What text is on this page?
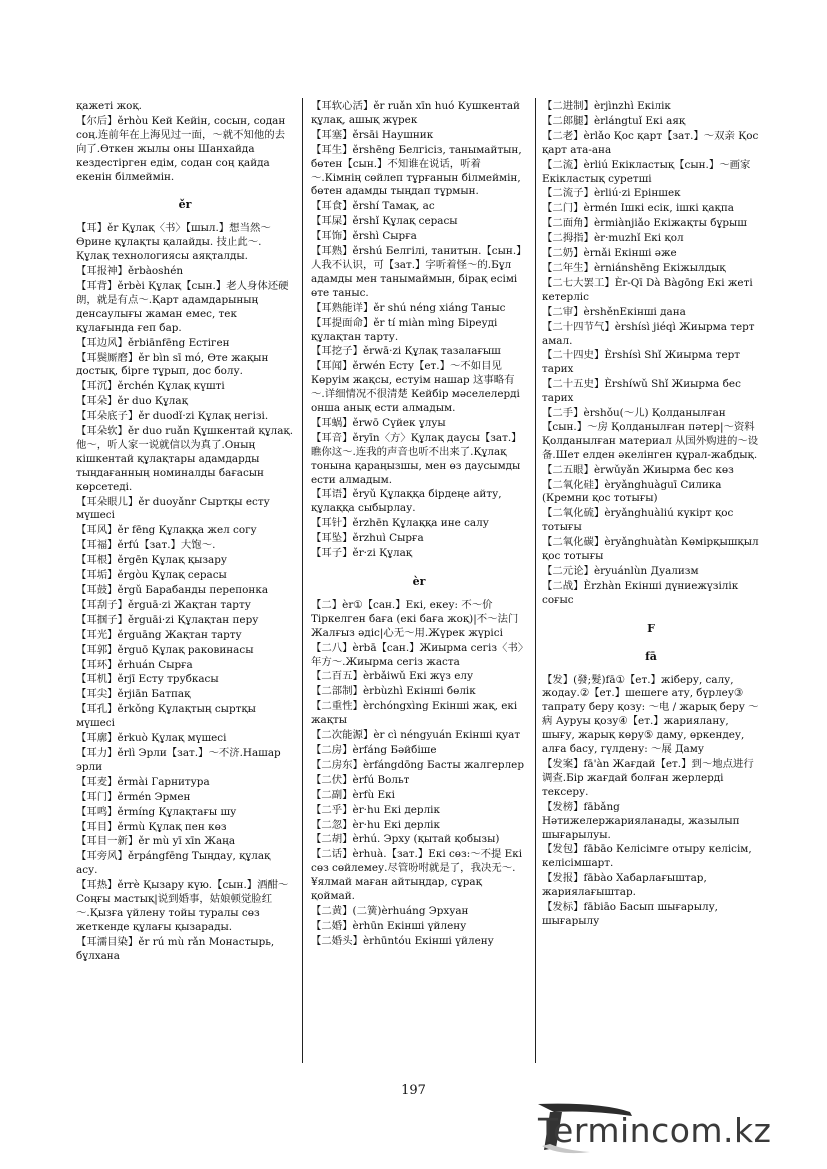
қажеті жоқ.
【尔后】ěrhòu Кей Кейін, сосын, содан соң.连前年在上海见过一面，～就不知他的去向了.Өткен жылы оны Шанхайда кездестірген едім, содан соң қайда екенін білмеймін.
ěr
【耳】ěr Құлақ〈书〉【шыл.】想当然～ Өрине құлақты қалайды. 技止此～. Құлақ технологиясы аяқталды.
【耳报神】ěrbàoshén
【耳背】ěrbèi Құлақ【сын.】老人身体还硬朗，就是有点～.Қарт адамдарының денсаулығы жаман емес, тек құлағында ғеп бар.
【耳边风】ěrbiānfēng Естіген
【耳鬓厮磨】ěr bìn sī mó, Өте жақын достық, бірге тұрып, дос болу.
【耳沉】ěrchén Құлақ күшті
【耳朵】ěr duo Құлақ
【耳朵底子】ěr duodǐ·zi Құлақ негізі.
【耳朵软】ěr duo ruǎn Құшкентай құлақ.他～，听人家一说就信以为真了.Оның кішкентай құлақтары адамдарды тыңдағанның номиналды бағасын көрсетеді.
【耳朵眼儿】ěr duoyǎnr Сыртқы есту мүшесі
【耳风】ěr fēng Құлаққа жел согу
【耳福】ěrfú【зат.】大饱～.
【耳根】ěrgēn Құлақ қызару
【耳垢】ěrgòu Құлақ серасы
【耳鼓】ěrgǔ Барабанды перепонка
【耳刮子】ěrguā·zi Жақтан тарту
【耳掴子】ěrguāi·zi Құлақтан перу
【耳光】ěrguāng Жақтан тарту
【耳郭】ěrguō Құлақ раковинасы
【耳环】ěrhuán Сырға
【耳机】ěrjī Есту трубкасы
【耳尖】ěrjiān Батпақ
【耳孔】ěrkǒng Құлақтың сыртқы мүшесі
【耳廓】ěrkuò Құлақ мүшесі
【耳力】ěrlì Эрли【зат.】～不济.Нашар эрли
【耳麦】ěrmài Гарнитура
【耳门】ěrmén Эрмен
【耳鸣】ěrmíng Құлақтағы шу
【耳目】ěrmù Құлақ пен көз
【耳目一新】ěr mù yī xīn Жаңа
【耳旁风】ěrpángfēng Тыңдау, құлақ асу.
【耳热】ěrrè Қызару күю.【сын.】酒酣～ Соңғы мастық|说到婚事，姑娘顿觉脸红～.Қызға үйлену тойы туралы сөз жеткенде құлағы қызарады.
【耳濡目染】ěr rú mù rǎn Монастырь, бұлхана
【耳软心活】ěr ruǎn xīn huó Кушкентай құлақ, ашық жүрек
【耳塞】ěrsāi Наушник
【耳生】ěrshēng Белгісіз, танымайтын, бөтен【сын.】不知谁在说话，听着～.Кімнің сөйлеп тұрғанын білмеймін, бөтен адамды тыңдап тұрмын.
【耳食】ěrshí Тамақ, ас
【耳屎】ěrshǐ Құлақ серасы
【耳饰】ěrshì Сырға
【耳熟】ěrshú Белгілі, танитын.【сын.】人我不认识，可【зат.】字听着怪～的.Бұл адамды мен танымаймын, бірақ есімі өте таныс.
【耳熟能详】ěr shú néng xiáng Таныс
【耳提面命】ěr tí miàn mìng Біреуді құлақтан тарту.
【耳挖子】ěrwā·zi Құлақ тазалағыш
【耳闻】ěrwén Есту【ет.】～不如目见 Көруім жақсы, естуім нашар 这事略有～.详细情况不很清楚 Кейбір мәселелерді онша анық ести алмадым.
【耳蜗】ěrwō Сүйек ұлуы
【耳音】ěryīn〈方〉Құлақ даусы【зат.】瞧你这～.连我的声音也听不出来了.Құлақ тонына қараңызшы, мен өз даусымды ести алмадым.
【耳语】ěryǔ Құлаққа бірдеңе айту, құлаққа сыбырлау.
【耳针】ěrzhēn Құлаққа ине салу
【耳坠】ěrzhuì Сырға
【耳子】ěr·zi Құлақ
èr
【二】èr①【сан.】Екі, екеу: 不～价 Тіркелген баға (екі баға жоқ)|不～法门 Жалғыз әдіс|心无～用.Жүрек жүрісі
【二八】èrbā【сан.】Жиырма сегіз〈书〉年方～.Жиырма сегіз жаста
【二百五】èrbǎiwǔ Екі жүз елу
【二部制】èrbùzhì Екінші бөлік
【二重性】èrchóngxìng Екінші жақ, екі жақты
【二次能源】èr cì néngyuán Екінші қуат
【二房】èrfáng Бәйбіше
【二房东】èrfángdōng Басты жалгерлер
【二伏】èrfú Вольт
【二副】èrfù Екі
【二乎】èr·hu Екі дерлік
【二忽】èr·hu Екі дерлік
【二胡】èrhú. Эрху (қытай қобызы)
【二话】èrhuà.【зат.】Екі сөз:～不提 Екі сөз сөйлемеу.尽管吩咐就是了，我决无～.¥ялмай маған айтыңдар, сұрақ қоймай.
【二黄】(二簧)èrhuáng Эрхуан
【二婚】èrhūn Екінші үйлену
【二婚头】èrhūntóu Екінші үйлену
【二进制】èrjìnzhì Екілік
【二郎腿】èrlángtuǐ Екі аяқ
【二老】èrlǎo Қос қарт【зат.】～双亲 Қос қарт ата-ана
【二流】èrliú Екікластық【сын.】～画家 Екікластық суретші
【二流子】èrliú·zi Еріншек
【二门】èrmén Ішкі есік, ішкі қақпа
【二面角】èrmiànjiǎo Екіжақты бұрыш
【二拇指】èr·muzhǐ Екі қол
【二奶】èrnǎi Екінші әже
【二年生】èrniánshēng Екіжылдық
【二七大罢工】Èr-Qī Dà Bàgōng Екі жеті кетерліс
【二审】èrshěnЕкінші дана
【二十四节气】èrshísì jiéqì Жиырма терт амал.
【二十四史】Èrshísì Shǐ Жиырма терт тарих
【二十五史】Èrshíwǔ Shǐ Жиырма бес тарих
【二手】èrshǒu(～儿) Қолданылған【сын.】～房 Қолданылған пәтер|～资料 Қолданылған материал 从国外购进的～设备.Шет елден әкелінген құрал-жабдық.
【二五眼】èrwǔyǎn Жиырма бес көз
【二氧化硅】èryǎnghuàguī Силика (Кремни қос тотығы)
【二氧化硫】èryǎnghuàliú күкірт қос тотығы
【二氧化碳】èryǎnghuàtàn Көмірқышқыл қос тотығы
【二元论】èryuánlùn Дуализм
【二战】Èrzhàn Екінші дүниежүзілік соғыс
F
fā
【发】(發;髮)fā①【ет.】жіберу, салу, жодау.②【ет.】шешеге ату, бүрлеу③ тапрату беру қозу: ～电 / жарық беру ～病 Ауруы қозу④【ет.】жариялану, шығу, жарық көру⑤ даму, өркендеу, алға басу, гүлдену: ～展 Даму
【发案】fā'àn Жағдай【ет.】到～地点进行调查.Бір жағдай болған жерлерді тексеру.
【发榜】fābǎng Нәтижелержарияланады, жазылып шығарылуы.
【发包】fābāo Келісімге отыру келісім, келісімшарт.
【发报】fābào Хабарлағыштар, жариялағыштар.
【发标】fābiāo Басып шығарылу, шығарылу
197
Termincom.kz
